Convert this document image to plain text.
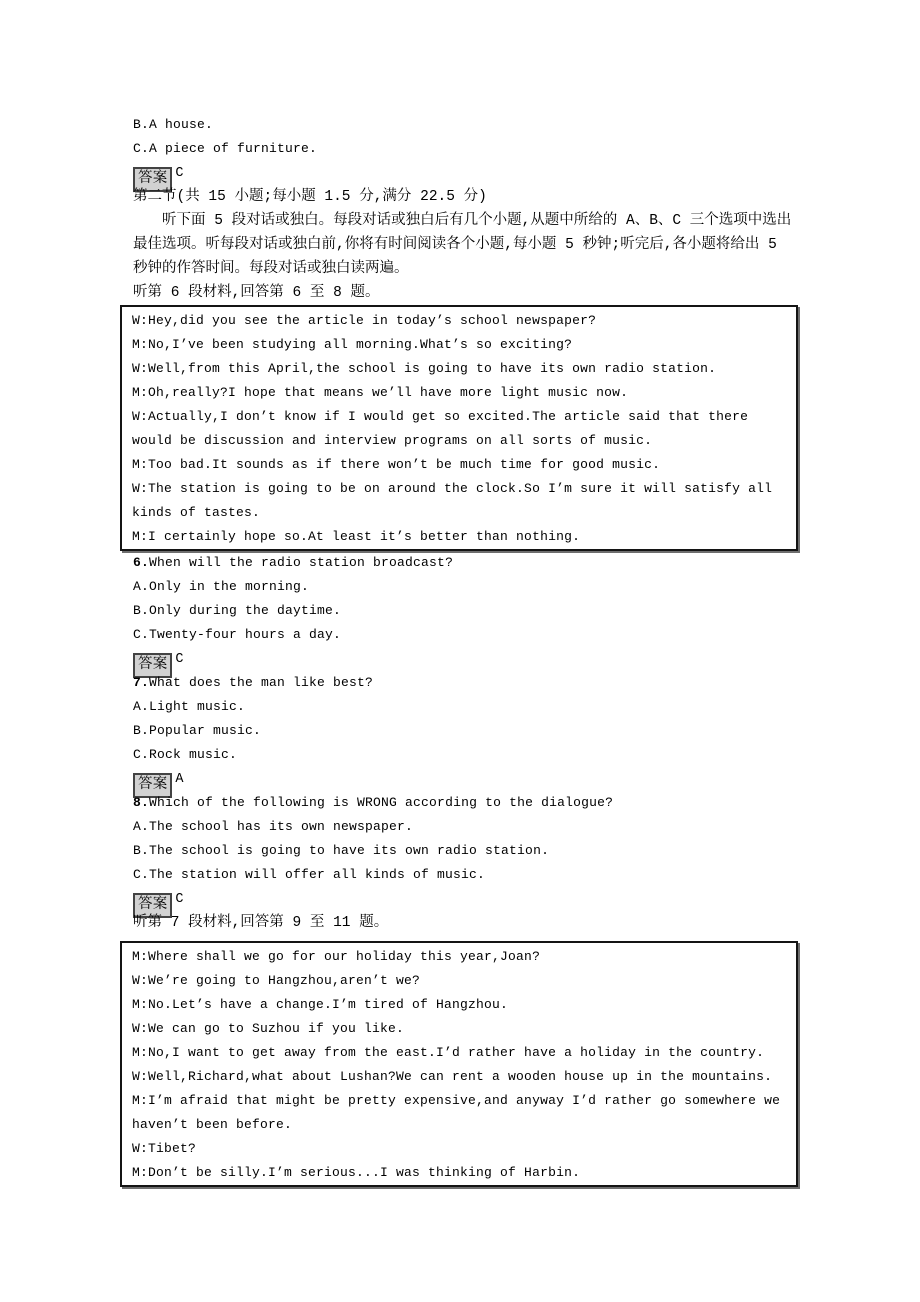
B.A house.
C.A piece of furniture.
答案 C
第二节(共 15 小题;每小题 1.5 分,满分 22.5 分)
听下面 5 段对话或独白。每段对话或独白后有几个小题,从题中所给的 A、B、C 三个选项中选出最佳选项。听每段对话或独白前,你将有时间阅读各个小题,每小题 5 秒钟;听完后,各小题将给出 5 秒钟的作答时间。每段对话或独白读两遍。
听第 6 段材料,回答第 6 至 8 题。
W:Hey,did you see the article in today’s school newspaper?
M:No,I’ve been studying all morning.What’s so exciting?
W:Well,from this April,the school is going to have its own radio station.
M:Oh,really?I hope that means we’ll have more light music now.
W:Actually,I don’t know if I would get so excited.The article said that there would be discussion and interview programs on all sorts of music.
M:Too bad.It sounds as if there won’t be much time for good music.
W:The station is going to be on around the clock.So I’m sure it will satisfy all kinds of tastes.
M:I certainly hope so.At least it’s better than nothing.
6.When will the radio station broadcast?
A.Only in the morning.
B.Only during the daytime.
C.Twenty-four hours a day.
答案 C
7.What does the man like best?
A.Light music.
B.Popular music.
C.Rock music.
答案 A
8.Which of the following is WRONG according to the dialogue?
A.The school has its own newspaper.
B.The school is going to have its own radio station.
C.The station will offer all kinds of music.
答案 C
听第 7 段材料,回答第 9 至 11 题。
M:Where shall we go for our holiday this year,Joan?
W:We’re going to Hangzhou,aren’t we?
M:No.Let’s have a change.I’m tired of Hangzhou.
W:We can go to Suzhou if you like.
M:No,I want to get away from the east.I’d rather have a holiday in the country.
W:Well,Richard,what about Lushan?We can rent a wooden house up in the mountains.
M:I’m afraid that might be pretty expensive,and anyway I’d rather go somewhere we haven’t been before.
W:Tibet?
M:Don’t be silly.I’m serious...I was thinking of Harbin.
